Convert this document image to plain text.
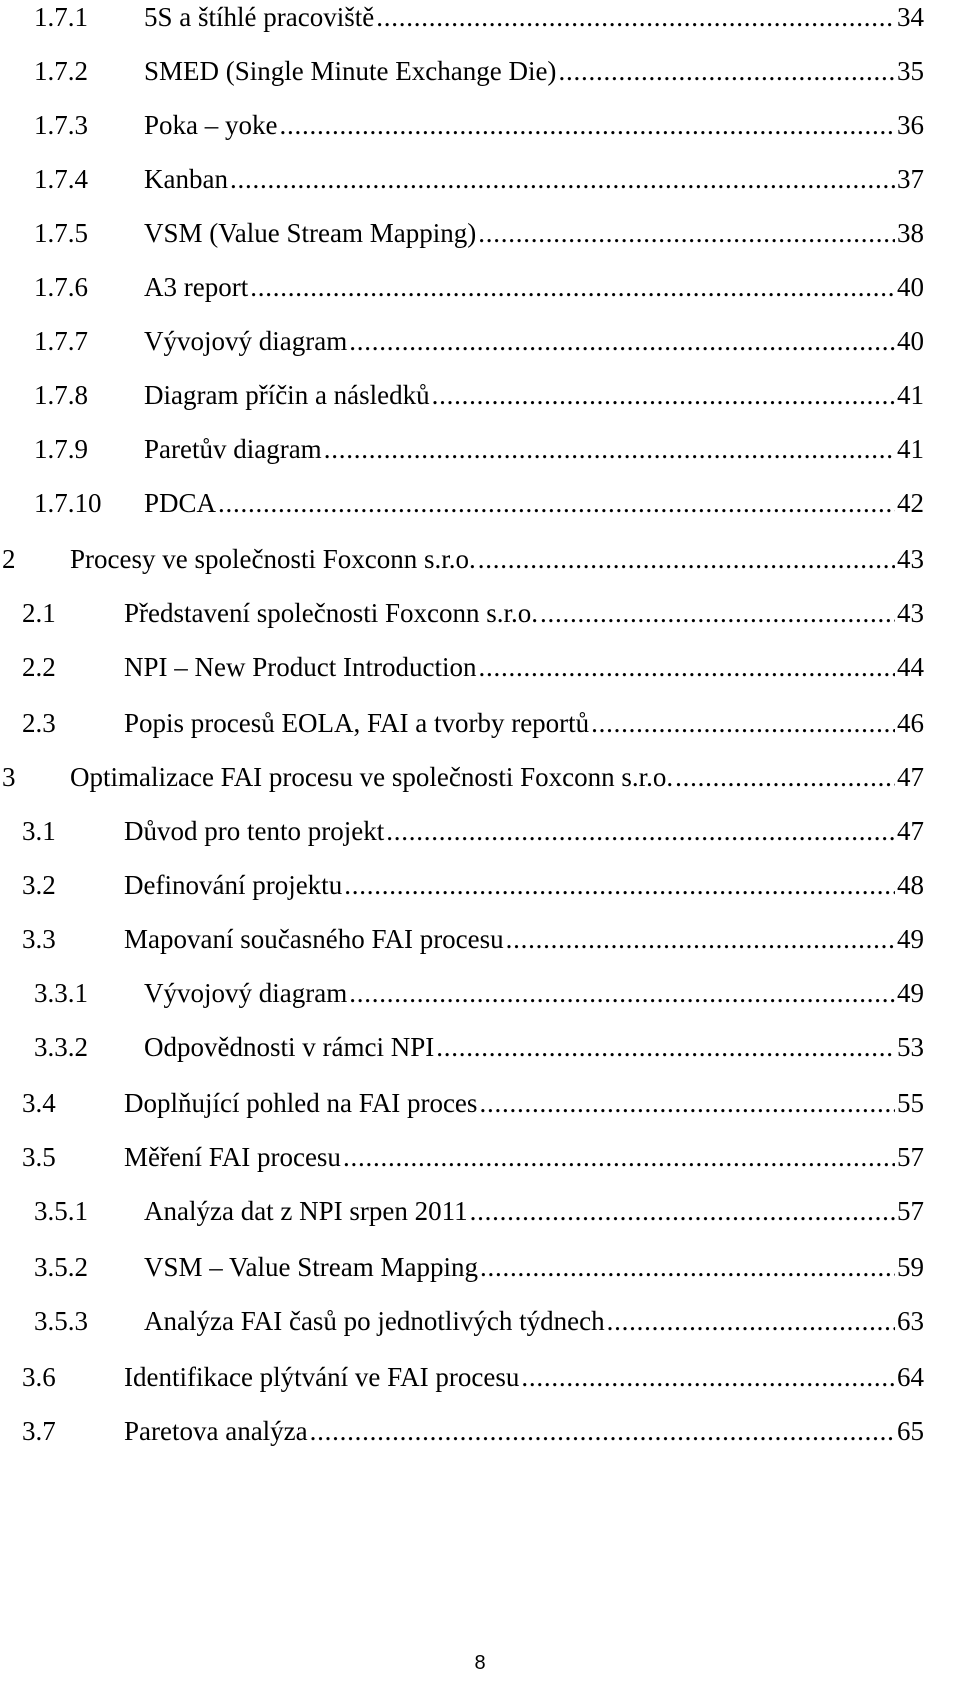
1.7.1 5S a štíhlé pracoviště . . .	34
1.7.2 SMED (Single Minute Exchange Die) . . .	35
1.7.3 Poka – yoke . . .	36
1.7.4 Kanban . . .	37
1.7.5 VSM (Value Stream Mapping) . . .	38
1.7.6 A3 report . . .	40
1.7.7 Vývojový diagram . . .	40
1.7.8 Diagram příčin a následků . . .	41
1.7.9 Paretův diagram . . .	41
1.7.10 PDCA . . .	42
2 Procesy ve společnosti Foxconn s.r.o. . . .	43
2.1	Představení společnosti Foxconn s.r.o. . . .	43
2.2	NPI – New Product Introduction . . .	44
2.3	Popis procesů EOLA, FAI a tvorby reportů . . .	46
3 Optimalizace FAI procesu ve společnosti Foxconn s.r.o. . . .	47
3.1	Důvod pro tento projekt . . .	47
3.2	Definování projektu . . .	48
3.3	Mapovaní současného FAI procesu . . .	49
3.3.1 Vývojový diagram . . .	49
3.3.2 Odpovědnosti v rámci NPI . . .	53
3.4	Doplňující pohled na FAI proces . . .	55
3.5	Měření FAI procesu . . .	57
3.5.1 Analýza dat z NPI srpen 2011 . . .	57
3.5.2 VSM – Value Stream Mapping . . .	59
3.5.3 Analýza FAI časů po jednotlivých týdnech . . .	63
3.6	Identifikace plýtvání ve FAI procesu . . .	64
3.7	Paretova analýza . . .	65
8
